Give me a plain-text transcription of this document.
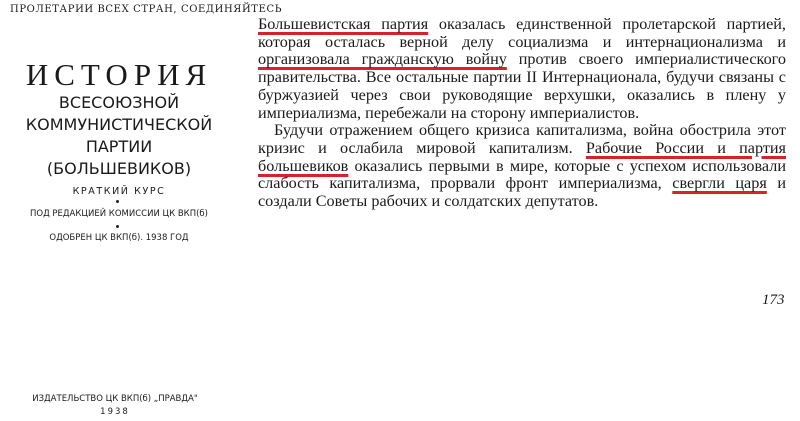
ПРОЛЕТАРИИ ВСЕХ СТРАН, СОЕДИНЯЙТЕСЬ
ИСТОРИЯ
ВСЕСОЮЗНОЙ
КОММУНИСТИЧЕСКОЙ
ПАРТИИ
(БОЛЬШЕВИКОВ)
КРАТКИЙ КУРС
ПОД РЕДАКЦИЕЙ КОМИССИИ ЦК ВКП(б)
ОДОБРЕН ЦК ВКП(б). 1938 ГОД
ИЗДАТЕЛЬСТВО ЦК ВКП(б) „ПРАВДА"
1938

Большевистская партия оказалась единственной пролетарской партией, которая осталась верной делу социализма и интернационализма и организовала гражданскую войну против своего империалистического правительства. Все остальные партии II Интернационала, будучи связаны с буржуазией через свои руководящие верхушки, оказались в плену у империализма, перебежали на сторону империалистов.

Будучи отражением общего кризиса капитализма, война обострила этот кризис и ослабила мировой капитализм. Рабочие России и партия большевиков оказались первыми в мире, которые с успехом использовали слабость капитализма, прорвали фронт империализма, свергли царя и создали Советы рабочих и солдатских депутатов.

173
